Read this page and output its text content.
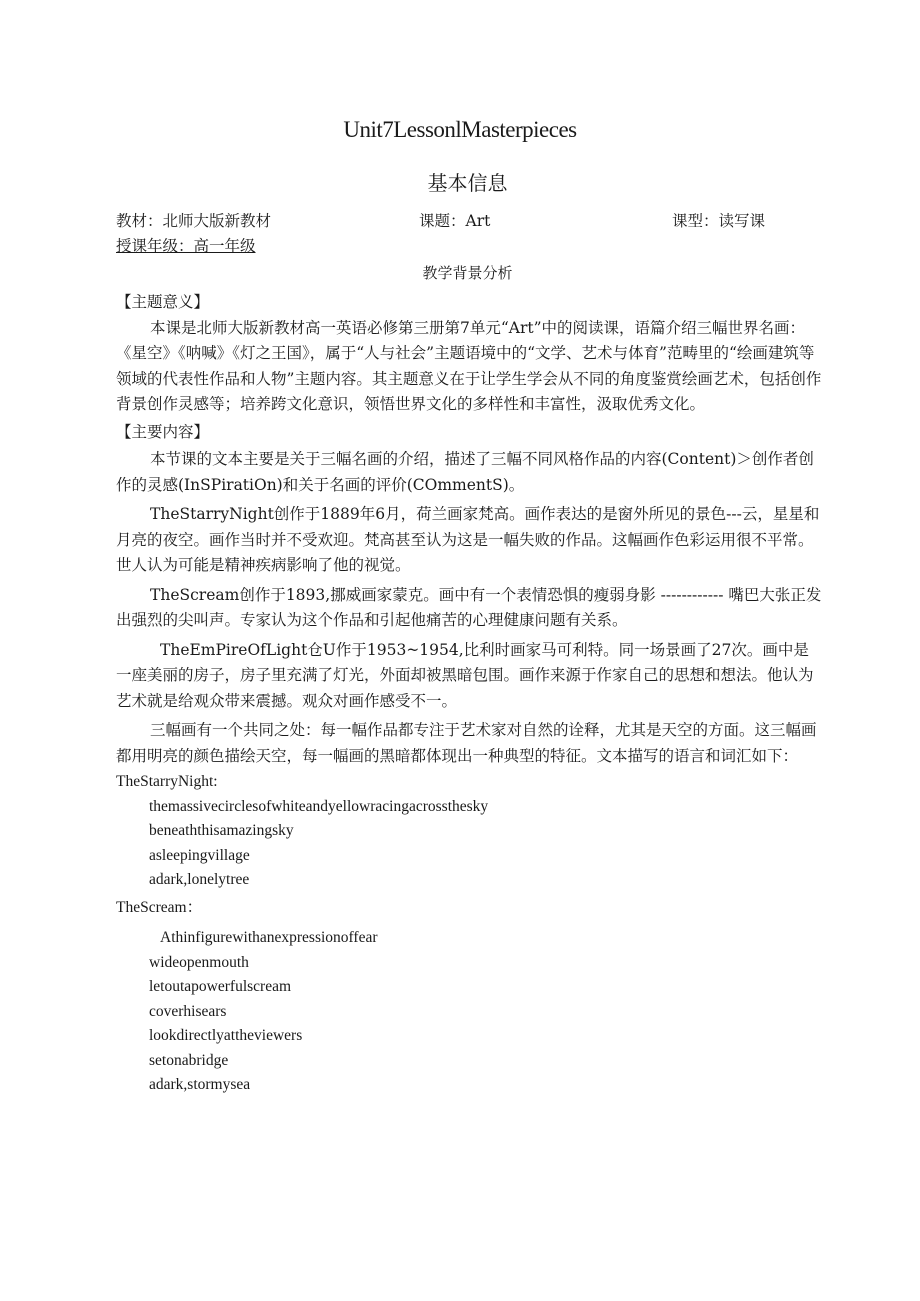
Unit7LessonlMasterpieces
基本信息
教材：北师大版新教材	课题：Art	课型：读写课
授课年级：高一年级
教学背景分析

【主题意义】

本课是北师大版新教材高一英语必修第三册第7单元“Art”中的阅读课，语篇介绍三幅世界名画：《星空》《呐喊》《灯之王国》，属于“人与社会”主题语境中的“文学、艺术与体育”范畴里的“绘画建筑等领域的代表性作品和人物”主题内容。其主题意义在于让学生学会从不同的角度鉴赏绘画艺术，包括创作背景创作灵感等；培养跨文化意识，领悟世界文化的多样性和丰富性，汲取优秀文化。

【主要内容】

本节课的文本主要是关于三幅名画的介绍，描述了三幅不同风格作品的内容(Content)＞创作者创作的灵感(InSPiratiOn)和关于名画的评价(COmmentS)。

TheStarryNight创作于1889年6月，荷兰画家梵高。画作表达的是窗外所见的景色---云，星星和月亮的夜空。画作当时并不受欢迎。梵高甚至认为这是一幅失败的作品。这幅画作色彩运用很不平常。世人认为可能是精神疾病影响了他的视觉。

TheScream创作于1893,挪威画家蒙克。画中有一个表情恐惧的瘦弱身影 ------------ 嘴巴大张正发出强烈的尖叫声。专家认为这个作品和引起他痛苦的心理健康问题有关系。

TheEmPireOfLight仓U作于1953~1954,比利时画家马可利特。同一场景画了27次。画中是一座美丽的房子，房子里充满了灯光，外面却被黑暗包围。画作来源于作家自己的思想和想法。他认为艺术就是给观众带来震撼。观众对画作感受不一。

三幅画有一个共同之处：每一幅作品都专注于艺术家对自然的诠释，尤其是天空的方面。这三幅画都用明亮的颜色描绘天空，每一幅画的黑暗都体现出一种典型的特征。文本描写的语言和词汇如下：

TheStarryNight:

themassivecirclesofwhiteandyellowracingacrossthesky
beneaththisamazingsky
asleepingvillage
adark,lonelytree

TheScream：

Athinfigurewithanexpressionoffear
wideopenmouth
letoutapowerfulscream
coverhisears
lookdirectlyattheviewers
setonabridge
adark,stormysea
